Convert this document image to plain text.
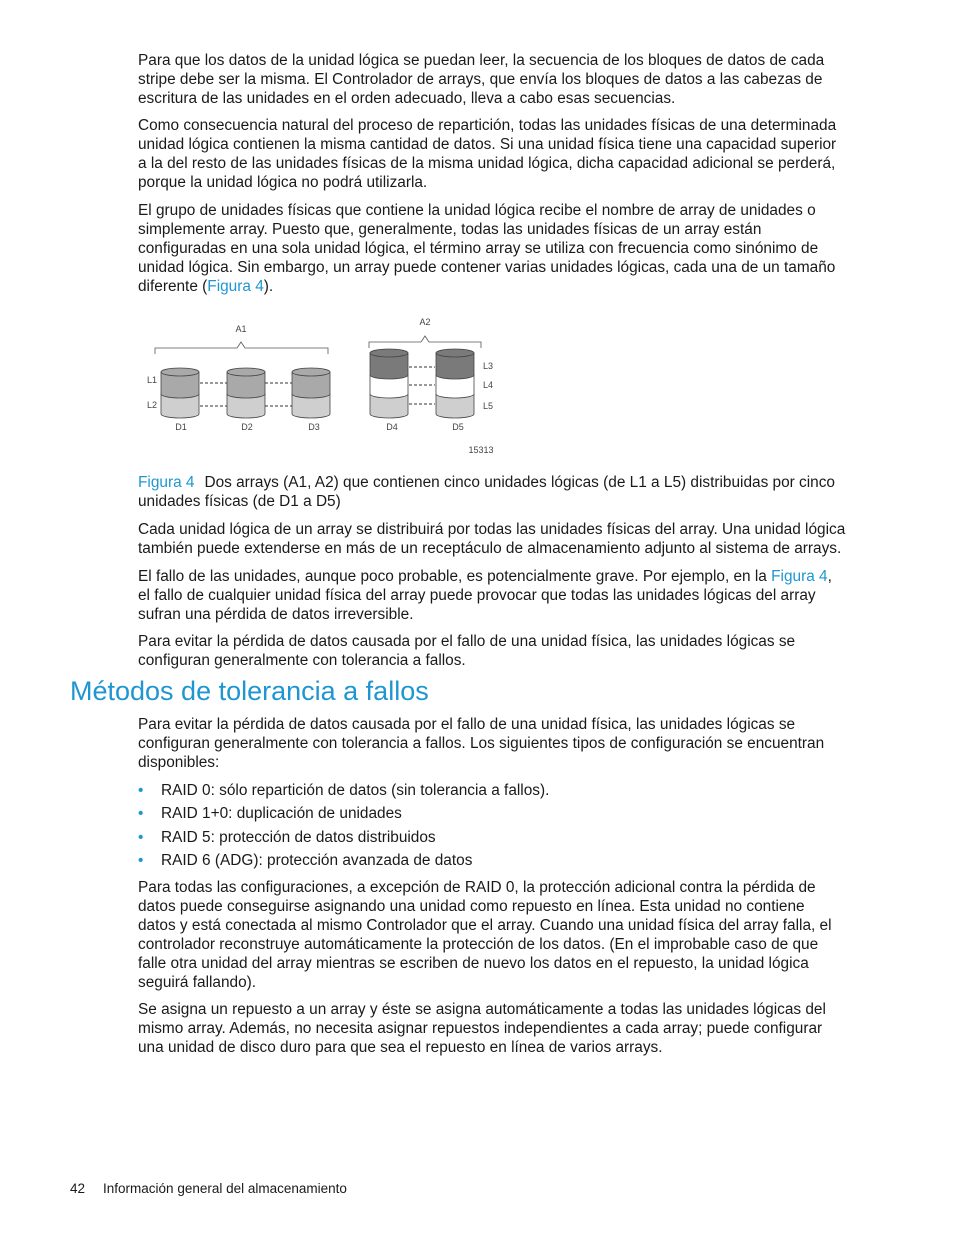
Para que los datos de la unidad lógica se puedan leer, la secuencia de los bloques de datos de cada stripe debe ser la misma. El Controlador de arrays, que envía los bloques de datos a las cabezas de escritura de las unidades en el orden adecuado, lleva a cabo esas secuencias.

Como consecuencia natural del proceso de repartición, todas las unidades físicas de una determinada unidad lógica contienen la misma cantidad de datos. Si una unidad física tiene una capacidad superior a la del resto de las unidades físicas de la misma unidad lógica, dicha capacidad adicional se perderá, porque la unidad lógica no podrá utilizarla.

El grupo de unidades físicas que contiene la unidad lógica recibe el nombre de array de unidades o simplemente array. Puesto que, generalmente, todas las unidades físicas de un array están configuradas en una sola unidad lógica, el término array se utiliza con frecuencia como sinónimo de unidad lógica. Sin embargo, un array puede contener varias unidades lógicas, cada una de un tamaño diferente (Figura 4).

A1
A2
L1
L2
L3
L4
L5
D1	D2	D3	D4	D5
15313

Figura 4 Dos arrays (A1, A2) que contienen cinco unidades lógicas (de L1 a L5) distribuidas por cinco unidades físicas (de D1 a D5)

Cada unidad lógica de un array se distribuirá por todas las unidades físicas del array. Una unidad lógica también puede extenderse en más de un receptáculo de almacenamiento adjunto al sistema de arrays.

El fallo de las unidades, aunque poco probable, es potencialmente grave. Por ejemplo, en la Figura 4, el fallo de cualquier unidad física del array puede provocar que todas las unidades lógicas del array sufran una pérdida de datos irreversible.

Para evitar la pérdida de datos causada por el fallo de una unidad física, las unidades lógicas se configuran generalmente con tolerancia a fallos.

Métodos de tolerancia a fallos

Para evitar la pérdida de datos causada por el fallo de una unidad física, las unidades lógicas se configuran generalmente con tolerancia a fallos. Los siguientes tipos de configuración se encuentran disponibles:

• RAID 0: sólo repartición de datos (sin tolerancia a fallos).
• RAID 1+0: duplicación de unidades
• RAID 5: protección de datos distribuidos
• RAID 6 (ADG): protección avanzada de datos

Para todas las configuraciones, a excepción de RAID 0, la protección adicional contra la pérdida de datos puede conseguirse asignando una unidad como repuesto en línea. Esta unidad no contiene datos y está conectada al mismo Controlador que el array. Cuando una unidad física del array falla, el controlador reconstruye automáticamente la protección de los datos. (En el improbable caso de que falle otra unidad del array mientras se escriben de nuevo los datos en el repuesto, la unidad lógica seguirá fallando).

Se asigna un repuesto a un array y éste se asigna automáticamente a todas las unidades lógicas del mismo array. Además, no necesita asignar repuestos independientes a cada array; puede configurar una unidad de disco duro para que sea el repuesto en línea de varios arrays.

42 Información general del almacenamiento
